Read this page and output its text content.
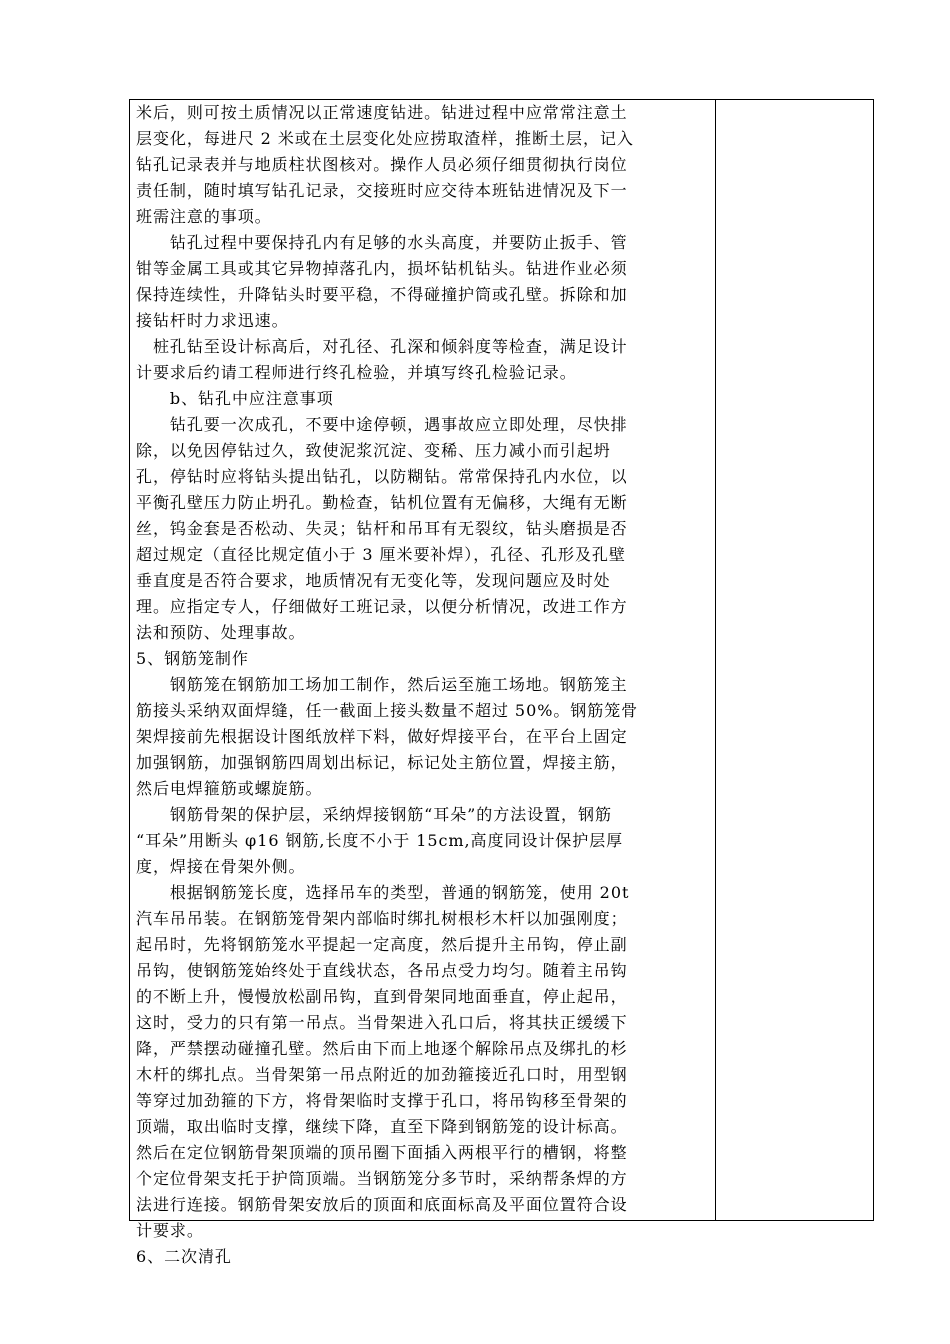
米后，则可按土质情况以正常速度钻进。钻进过程中应常常注意土
层变化，每进尺 2 米或在土层变化处应捞取渣样，推断土层，记入
钻孔记录表并与地质柱状图核对。操作人员必须仔细贯彻执行岗位
责任制，随时填写钻孔记录，交接班时应交待本班钻进情况及下一
班需注意的事项。
　　钻孔过程中要保持孔内有足够的水头高度，并要防止扳手、管
钳等金属工具或其它异物掉落孔内，损坏钻机钻头。钻进作业必须
保持连续性，升降钻头时要平稳，不得碰撞护筒或孔壁。拆除和加
接钻杆时力求迅速。
　桩孔钻至设计标高后，对孔径、孔深和倾斜度等检查，满足设计
计要求后约请工程师进行终孔检验，并填写终孔检验记录。
　　b、钻孔中应注意事项
　　钻孔要一次成孔，不要中途停顿，遇事故应立即处理，尽快排
除，以免因停钻过久，致使泥浆沉淀、变稀、压力减小而引起坍
孔，停钻时应将钻头提出钻孔，以防糊钻。常常保持孔内水位，以
平衡孔壁压力防止坍孔。勤检查，钻机位置有无偏移，大绳有无断
丝，钨金套是否松动、失灵；钻杆和吊耳有无裂纹，钻头磨损是否
超过规定（直径比规定值小于 3 厘米要补焊），孔径、孔形及孔壁
垂直度是否符合要求，地质情况有无变化等，发现问题应及时处
理。应指定专人，仔细做好工班记录，以便分析情况，改进工作方
法和预防、处理事故。
5、钢筋笼制作
　　钢筋笼在钢筋加工场加工制作，然后运至施工场地。钢筋笼主
筋接头采纳双面焊缝，任一截面上接头数量不超过 50%。钢筋笼骨
架焊接前先根据设计图纸放样下料，做好焊接平台，在平台上固定
加强钢筋，加强钢筋四周划出标记，标记处主筋位置，焊接主筋，
然后电焊箍筋或螺旋筋。
　　钢筋骨架的保护层，采纳焊接钢筋“耳朵”的方法设置，钢筋
“耳朵”用断头 φ16 钢筋,长度不小于 15cm,高度同设计保护层厚
度，焊接在骨架外侧。
　　根据钢筋笼长度，选择吊车的类型，普通的钢筋笼，使用 20t
汽车吊吊装。在钢筋笼骨架内部临时绑扎树根杉木杆以加强刚度；
起吊时，先将钢筋笼水平提起一定高度，然后提升主吊钩，停止副
吊钩，使钢筋笼始终处于直线状态，各吊点受力均匀。随着主吊钩
的不断上升，慢慢放松副吊钩，直到骨架同地面垂直，停止起吊，
这时，受力的只有第一吊点。当骨架进入孔口后，将其扶正缓缓下
降，严禁摆动碰撞孔壁。然后由下而上地逐个解除吊点及绑扎的杉
木杆的绑扎点。当骨架第一吊点附近的加劲箍接近孔口时，用型钢
等穿过加劲箍的下方，将骨架临时支撑于孔口，将吊钩移至骨架的
顶端，取出临时支撑，继续下降，直至下降到钢筋笼的设计标高。
然后在定位钢筋骨架顶端的顶吊圈下面插入两根平行的槽钢，将整
个定位骨架支托于护筒顶端。当钢筋笼分多节时，采纳帮条焊的方
法进行连接。钢筋骨架安放后的顶面和底面标高及平面位置符合设
计要求。
6、二次清孔
